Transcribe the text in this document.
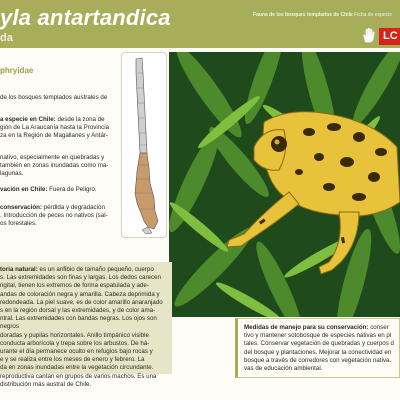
yla antartandica
da
Fauna de los bosques templados de Chile Ficha de especie
LC
phryidae
de los bosques templados australes de
a especie en Chile: desde la zona de
gión de La Araucanía hasta la Provincia
za en la Región de Magallanes y Antár-
nativo, especialmente en quebradas y
también en zonas inundadas como ma-
lagunas.
vación en Chile: Fuera de Peligro.
conservación: pérdida y degradación
. Introducción de peces no nativos (sal-
os forestales.
toria natural: es un anfibio de tamaño pequeño, cuerpo
s. Las extremidades son finas y largas. Los dedos carecen
rigital, tienen los extremos de forma espatulada y ade-
andas de coloración negra y amarilla. Cabeza deprimida y
redondeada. La piel suave, es de color amarillo anaranjado
s en la región dorsal y las extremidades, y de color ama-
ntral. Las extremidades con bandas negras. Los ojos son negros
doradas y pupilas horizontales. Anillo timpánico visible
conducta arborícola y trepa sobre los arbustos. De há-
urante el día permanece oculto en refugios bajo rocas y
e y se realiza entre los meses de enero y febrero. La
da en zonas inundadas entre la vegetación circundante.
reproductiva cantan en grupos de varios machos. Es una
distribución más austral de Chile.
Medidas de manejo para su conservación: conser
tivo y mantener sotobosque de especies nativas en pl
tales. Conservar vegetación de quebradas y cuerpos d
del bosque y plantaciones. Mejorar la conectividad en
bosque a través de corredores con vegetación nativa.
vas de educación ambiental.
